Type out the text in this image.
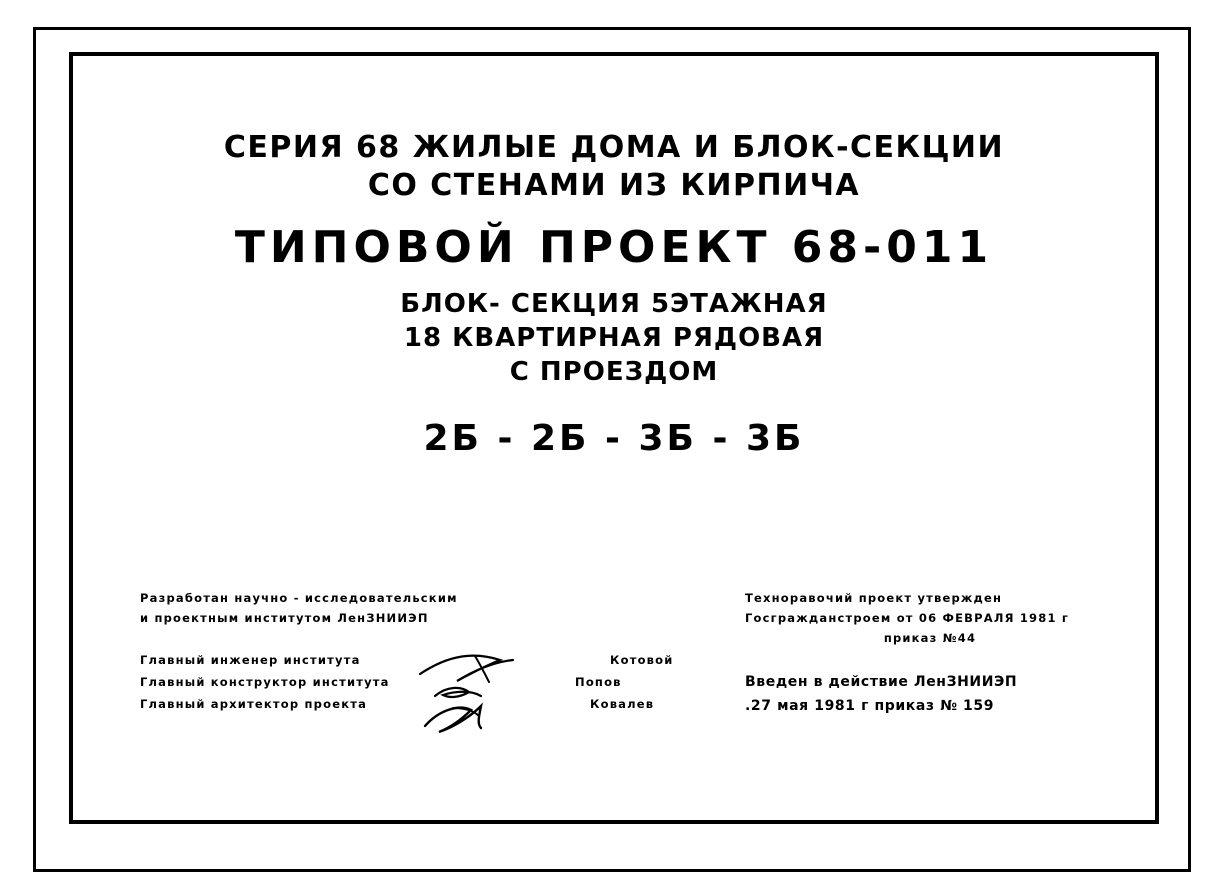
СЕРИЯ 68 ЖИЛЫЕ ДОМА И БЛОК-СЕКЦИИ
СО СТЕНАМИ ИЗ КИРПИЧА
ТИПОВОЙ ПРОЕКТ 68-011
БЛОК- СЕКЦИЯ 5ЭТАЖНАЯ
18 КВАРТИРНАЯ РЯДОВАЯ
С ПРОЕЗДОМ
2Б - 2Б - 3Б - 3Б
Разработан научно - исследовательским
и проектным институтом ЛенЗНИИЭП
Главный инженер института	Котовой
Главный конструктор института	Попов
Главный архитектор проекта	Ковалев
Техноравочий проект утвержден
Госгражданстроем от 06 ФЕВРАЛЯ 1981 г
приказ №44
Введен в действие ЛенЗНИИЭП
.27 мая 1981 г приказ № 159
